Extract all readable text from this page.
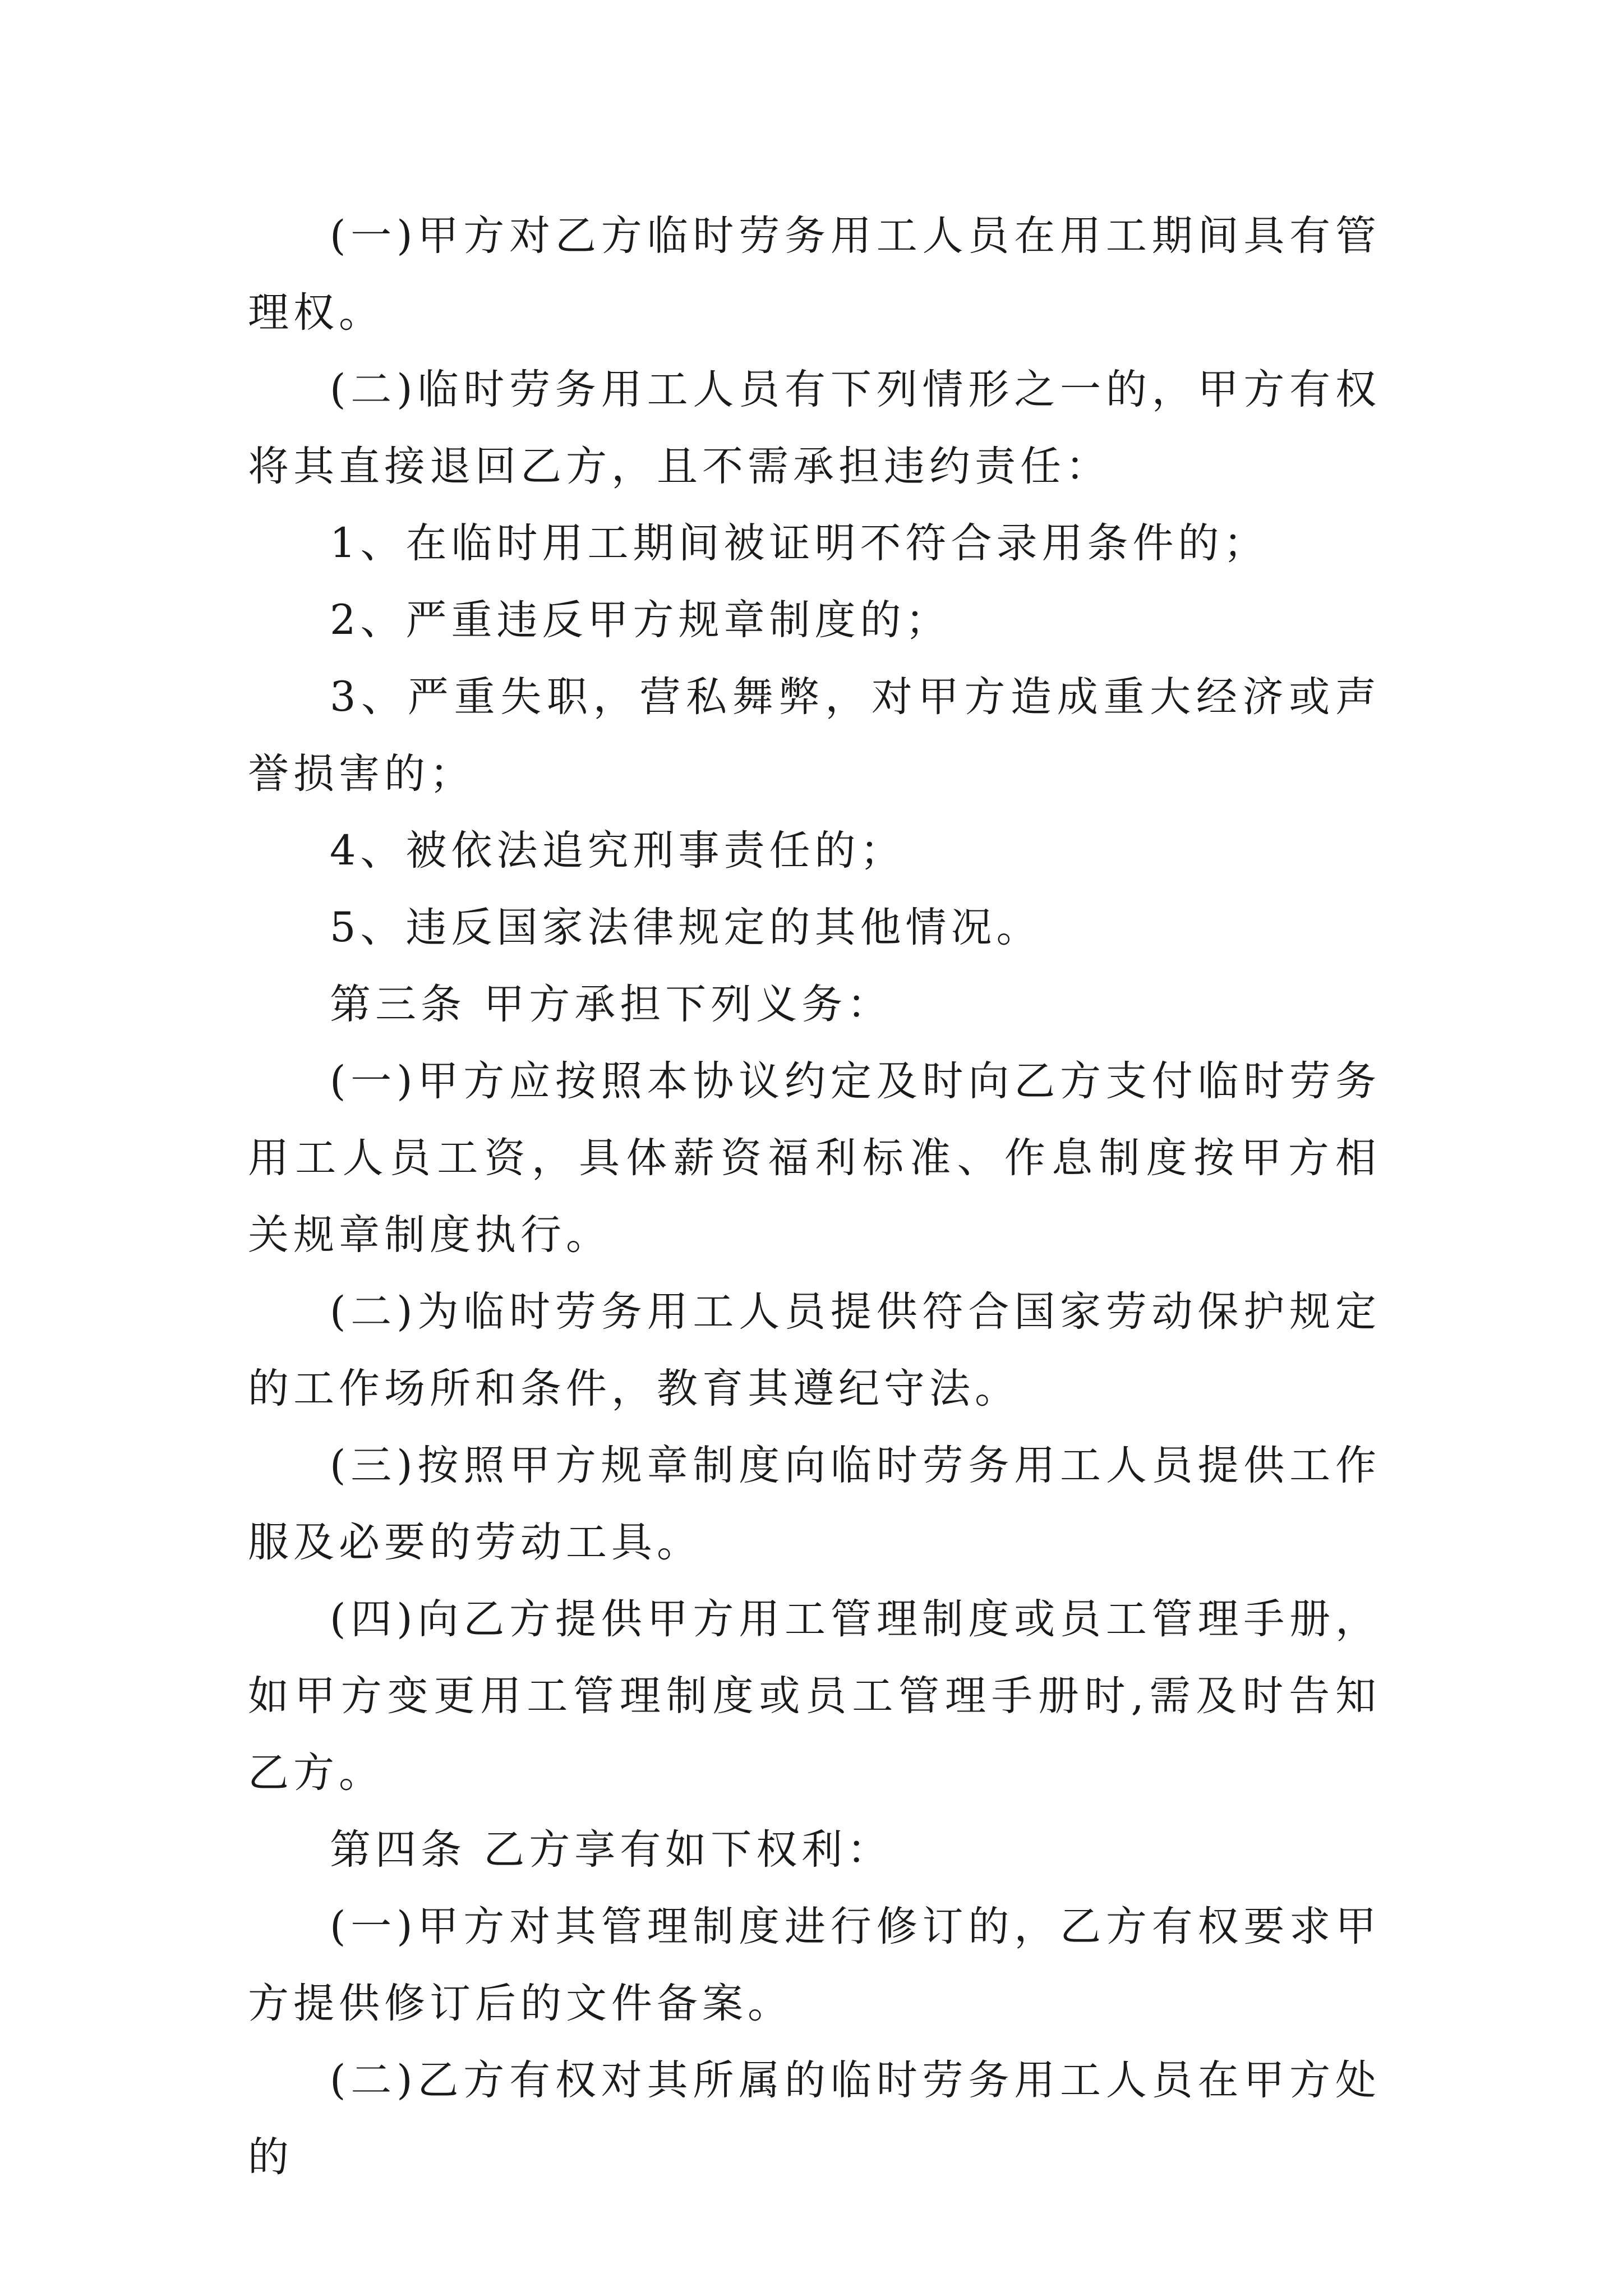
(一)甲方对乙方临时劳务用工人员在用工期间具有管理权。

(二)临时劳务用工人员有下列情形之一的，甲方有权将其直接退回乙方，且不需承担违约责任：

1、在临时用工期间被证明不符合录用条件的；

2、严重违反甲方规章制度的；

3、严重失职，营私舞弊，对甲方造成重大经济或声誉损害的；

4、被依法追究刑事责任的；

5、违反国家法律规定的其他情况。

第三条 甲方承担下列义务：

(一)甲方应按照本协议约定及时向乙方支付临时劳务用工人员工资，具体薪资福利标准、作息制度按甲方相关规章制度执行。

(二)为临时劳务用工人员提供符合国家劳动保护规定的工作场所和条件，教育其遵纪守法。

(三)按照甲方规章制度向临时劳务用工人员提供工作服及必要的劳动工具。

(四)向乙方提供甲方用工管理制度或员工管理手册，如甲方变更用工管理制度或员工管理手册时,需及时告知乙方。

第四条 乙方享有如下权利：

(一)甲方对其管理制度进行修订的，乙方有权要求甲方提供修订后的文件备案。

(二)乙方有权对其所属的临时劳务用工人员在甲方处的
